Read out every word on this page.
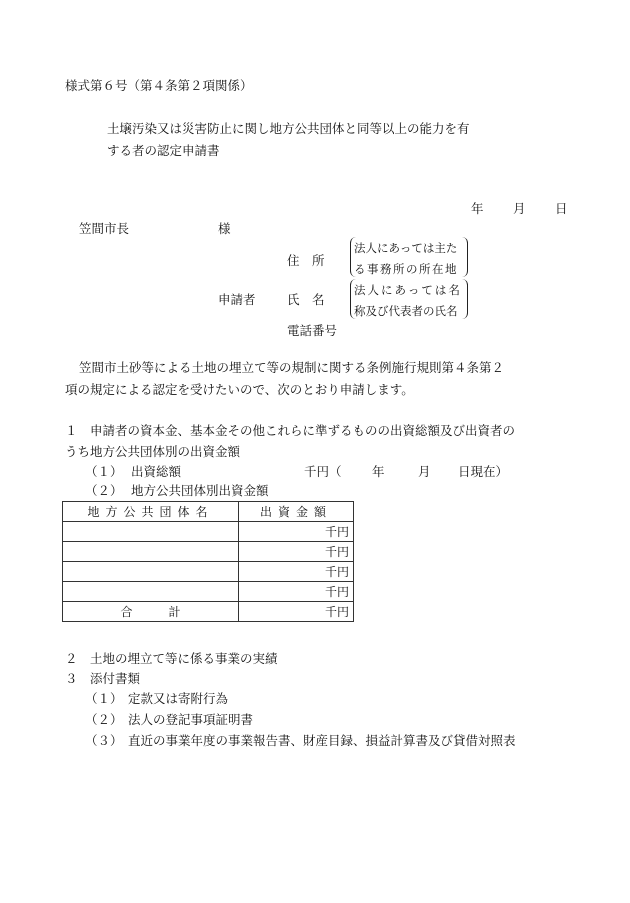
様式第６号（第４条第２項関係）
土壌汚染又は災害防止に関し地方公共団体と同等以上の能力を有
する者の認定申請書
年 月 日
笠間市長	様
住　所
法人にあっては主た
る事務所の所在地
申請者	氏　名
法人にあっては名
称及び代表者の氏名
電話番号
笠間市土砂等による土地の埋立て等の規制に関する条例施行規則第４条第２
項の規定による認定を受けたいので、次のとおり申請します。
１　申請者の資本金、基本金その他これらに準ずるものの出資総額及び出資者の
うち地方公共団体別の出資金額
（１） 出資総額	千円（ 年	月 日現在）
（２） 地方公共団体別出資金額
地方公共団体名	出資金額
	千円
	千円
	千円
	千円
合　　　計	千円
２　土地の埋立て等に係る事業の実績
３　添付書類
（１） 定款又は寄附行為
（２） 法人の登記事項証明書
（３） 直近の事業年度の事業報告書、財産目録、損益計算書及び貸借対照表
